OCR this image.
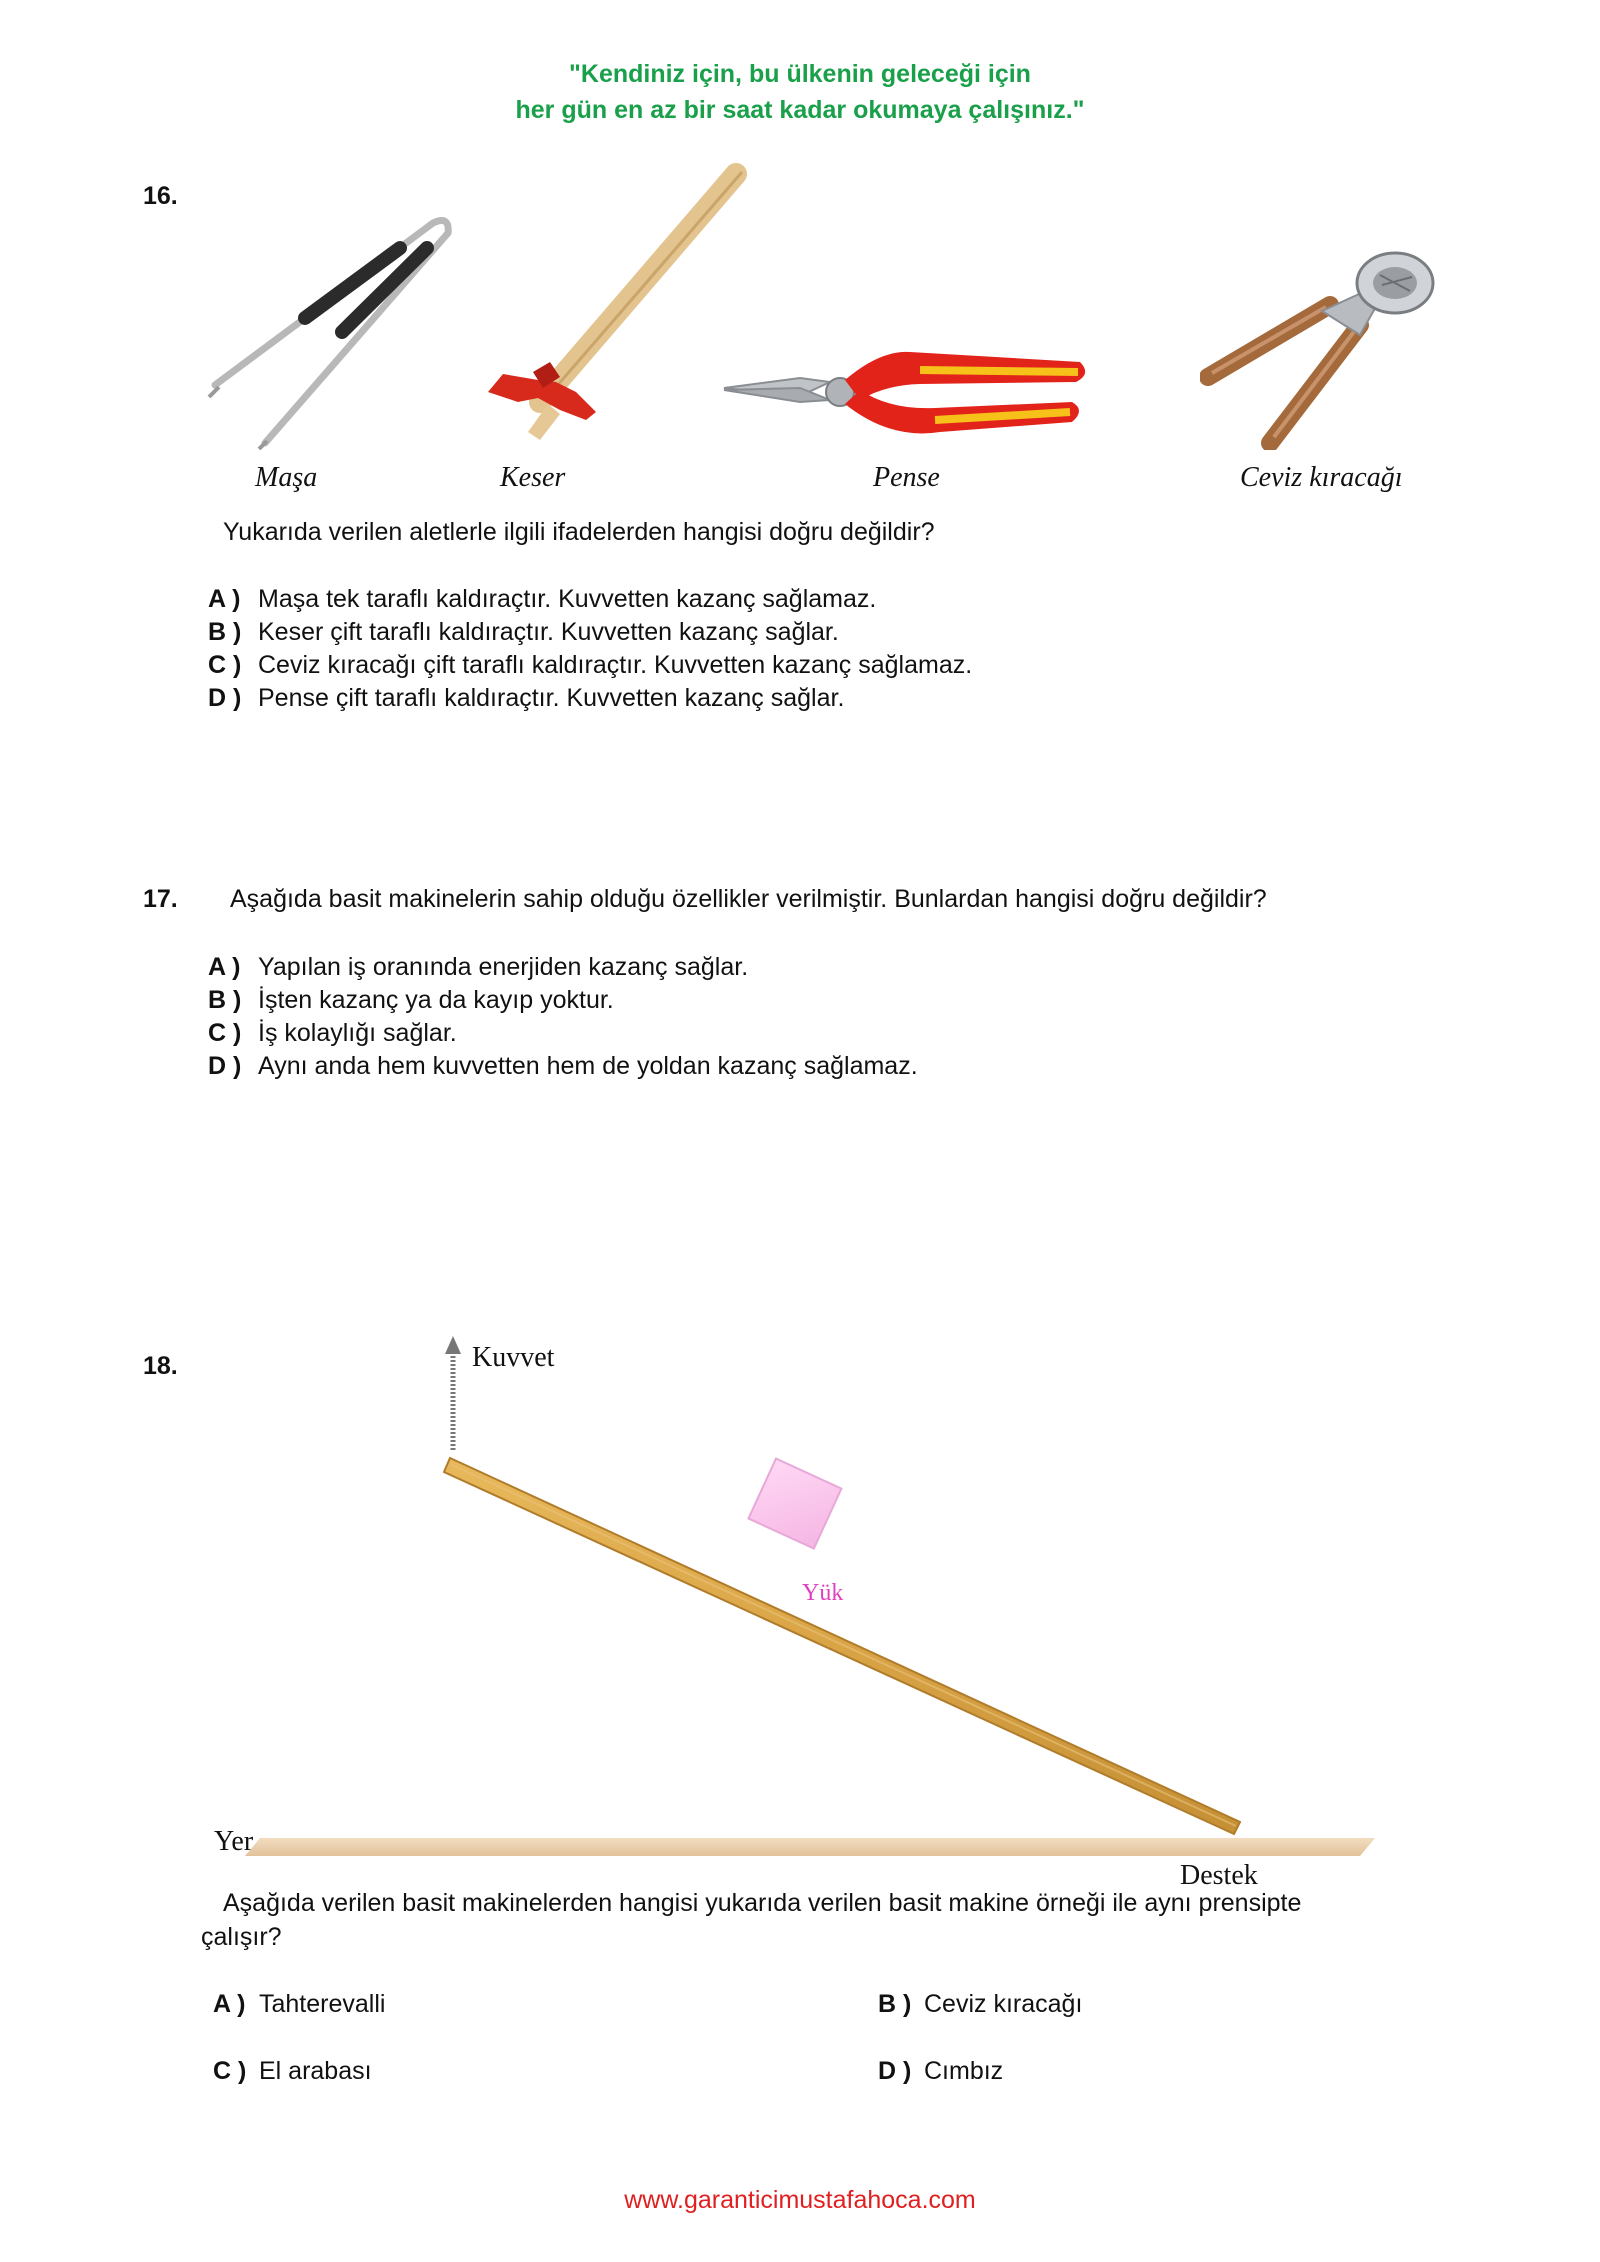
"Kendiniz için, bu ülkenin geleceği için
her gün en az bir saat kadar okumaya çalışınız."
16.
Maşa	Keser	Pense	Ceviz kıracağı
Yukarıda verilen aletlerle ilgili ifadelerden hangisi doğru değildir?
A ) Maşa tek taraflı kaldıraçtır. Kuvvetten kazanç sağlamaz.
B ) Keser çift taraflı kaldıraçtır. Kuvvetten kazanç sağlar.
C ) Ceviz kıracağı çift taraflı kaldıraçtır. Kuvvetten kazanç sağlamaz.
D ) Pense çift taraflı kaldıraçtır. Kuvvetten kazanç sağlar.
17. Aşağıda basit makinelerin sahip olduğu özellikler verilmiştir. Bunlardan hangisi doğru değildir?
A ) Yapılan iş oranında enerjiden kazanç sağlar.
B ) İşten kazanç ya da kayıp yoktur.
C ) İş kolaylığı sağlar.
D ) Aynı anda hem kuvvetten hem de yoldan kazanç sağlamaz.
18.	Kuvvet
Yük
Yer
Destek
Aşağıda verilen basit makinelerden hangisi yukarıda verilen basit makine örneği ile aynı prensipte
çalışır?
A ) Tahterevalli	B ) Ceviz kıracağı
C ) El arabası	D ) Cımbız
www.garanticimustafahoca.com
